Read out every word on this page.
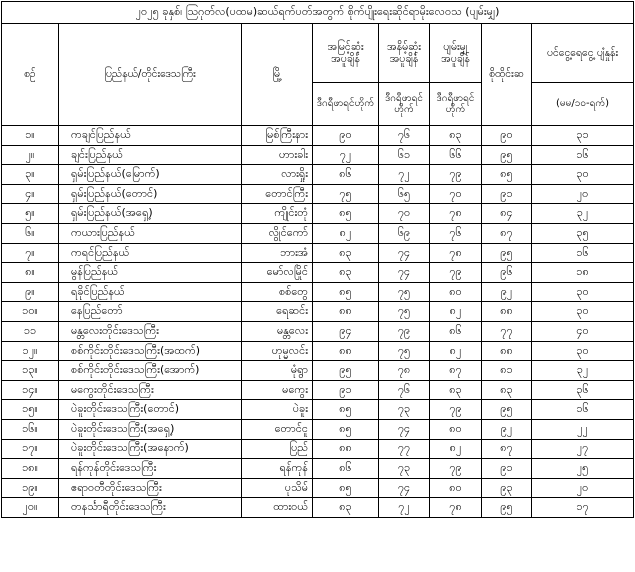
၂၀၂၅ ခုနှစ်၊ ဩဂုတ်လ(ပထမ)ဆယ်ရက်ပတ်အတွက် စိုက်ပျိုးရေးဆိုင်ရာမိုးလေဝသ (ပျမ်းမျှ)							
စဉ်	ပြည်နယ်/တိုင်းဒေသကြီး	မြို့	အမြင့်ဆုံးအပူချိန်	အနိမ့်ဆုံးအပူချိန်	ပျမ်းမျှအပူချိန်	စိုထိုင်းဆ	ပင်ငွေ့ရေငွေ့ ပျံနှုန်း
			ဒီဂရီဖာရင်ဟိုက်	ဒီဂရီဖာရင် ဟိုက်	ဒီဂရီဖာရင် ဟိုက်		(မမ/၁၀-ရက်)
၁။	ကချင်ပြည်နယ်	မြစ်ကြီးနား	၉၀	၇၆	၈၃	၉၀	၃၁
၂။	ချင်းပြည်နယ်	ဟားခါး	၇၂	၆၁	၆၆	၉၅	၁၆
၃။	ရှမ်းပြည်နယ်(မြောက်)	လားရှိုး	၈၆	၇၂	၇၉	၈၅	၃၀
၄။	ရှမ်းပြည်နယ်(တောင်)	တောင်ကြီး	၇၅	၆၅	၇၀	၉၁	၂၀
၅။	ရှမ်းပြည်နယ်(အရှေ့)	ကျိုင်းတုံ	၈၅	၇၀	၇၈	၈၄	၃၂
၆။	ကယားပြည်နယ်	လွိုင်ကော်	၈၂	၆၉	၇၆	၈၇	၃၅
၇။	ကရင်ပြည်နယ်	ဘားအံ	၈၃	၇၄	၇၈	၉၅	၁၆
၈။	မွန်ပြည်နယ်	မော်လမြိုင်	၈၃	၇၄	၇၉	၉၆	၁၈
၉။	ရခိုင်ပြည်နယ်	စစ်တွေ	၈၅	၇၅	၈၀	၉၂	၃၀
၁၀။	နေပြည်တော်	ရေဆင်း	၈၈	၇၅	၈၂	၈၈	၃၀
၁၁	မန္တလေးတိုင်းဒေသကြီး	မန္တလေး	၉၄	၇၉	၈၆	၇၇	၄၀
၁၂။	စစ်ကိုင်းတိုင်းဒေသကြီး(အထက်)	ဟုမ္မလင်း	၈၈	၇၅	၈၂	၈၈	၃၀
၁၃။	စစ်ကိုင်းတိုင်းဒေသကြီး(အောက်)	မုံရွာ	၉၅	၇၈	၈၇	၈၁	၃၂
၁၄။	မကွေးတိုင်းဒေသကြီး	မကွေး	၉၁	၇၆	၈၃	၈၃	၃၆
၁၅။	ပဲခူးတိုင်းဒေသကြီး(တောင်)	ပဲခူး	၈၅	၇၃	၇၉	၉၅	၁၆
၁၆။	ပဲခူးတိုင်းဒေသကြီး(အရှေ့)	တောင်ငူ	၈၅	၇၄	၈၀	၉၂	၂၂
၁၇။	ပဲခူးတိုင်းဒေသကြီး(အနောက်)	ပြည်	၈၈	၇၇	၈၂	၈၇	၂၇
၁၈။	ရန်ကုန်တိုင်းဒေသကြီး	ရန်ကုန်	၈၆	၇၃	၇၉	၉၁	၂၅
၁၉။	ဧရာဝတီတိုင်းဒေသကြီး	ပုသိမ်	၈၅	၇၄	၈၀	၉၃	၂၀
၂၀။	တနင်္သာရီတိုင်းဒေသကြီး	ထားဝယ်	၈၃	၇၂	၇၈	၉၅	၁၇
